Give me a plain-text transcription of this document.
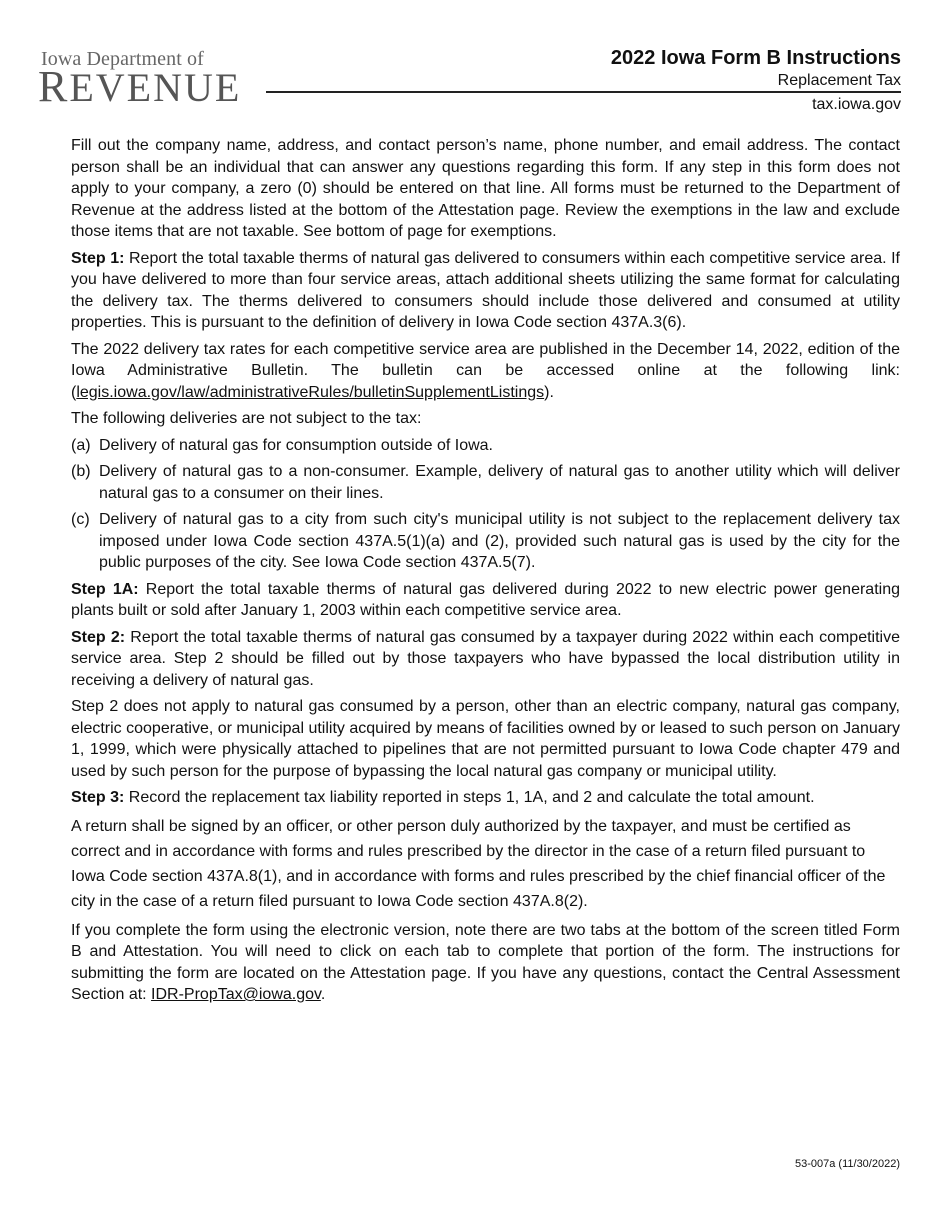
Iowa Department of
REVENUE
2022 Iowa Form B Instructions
Replacement Tax
tax.iowa.gov

Fill out the company name, address, and contact person’s name, phone number, and email address. The contact person shall be an individual that can answer any questions regarding this form. If any step in this form does not apply to your company, a zero (0) should be entered on that line. All forms must be returned to the Department of Revenue at the address listed at the bottom of the Attestation page. Review the exemptions in the law and exclude those items that are not taxable. See bottom of page for exemptions.

Step 1: Report the total taxable therms of natural gas delivered to consumers within each competitive service area. If you have delivered to more than four service areas, attach additional sheets utilizing the same format for calculating the delivery tax. The therms delivered to consumers should include those delivered and consumed at utility properties. This is pursuant to the definition of delivery in Iowa Code section 437A.3(6).

The 2022 delivery tax rates for each competitive service area are published in the December 14, 2022, edition of the Iowa Administrative Bulletin. The bulletin can be accessed online at the following link: (legis.iowa.gov/law/administrativeRules/bulletinSupplementListings).

The following deliveries are not subject to the tax:

(a) Delivery of natural gas for consumption outside of Iowa.
(b) Delivery of natural gas to a non-consumer. Example, delivery of natural gas to another utility which will deliver natural gas to a consumer on their lines.
(c) Delivery of natural gas to a city from such city's municipal utility is not subject to the replacement delivery tax imposed under Iowa Code section 437A.5(1)(a) and (2), provided such natural gas is used by the city for the public purposes of the city. See Iowa Code section 437A.5(7).

Step 1A: Report the total taxable therms of natural gas delivered during 2022 to new electric power generating plants built or sold after January 1, 2003 within each competitive service area.

Step 2: Report the total taxable therms of natural gas consumed by a taxpayer during 2022 within each competitive service area. Step 2 should be filled out by those taxpayers who have bypassed the local distribution utility in receiving a delivery of natural gas.

Step 2 does not apply to natural gas consumed by a person, other than an electric company, natural gas company, electric cooperative, or municipal utility acquired by means of facilities owned by or leased to such person on January 1, 1999, which were physically attached to pipelines that are not permitted pursuant to Iowa Code chapter 479 and used by such person for the purpose of bypassing the local natural gas company or municipal utility.

Step 3: Record the replacement tax liability reported in steps 1, 1A, and 2 and calculate the total amount.

A return shall be signed by an officer, or other person duly authorized by the taxpayer, and must be certified as correct and in accordance with forms and rules prescribed by the director in the case of a return filed pursuant to Iowa Code section 437A.8(1), and in accordance with forms and rules prescribed by the chief financial officer of the city in the case of a return filed pursuant to Iowa Code section 437A.8(2).

If you complete the form using the electronic version, note there are two tabs at the bottom of the screen titled Form B and Attestation. You will need to click on each tab to complete that portion of the form. The instructions for submitting the form are located on the Attestation page. If you have any questions, contact the Central Assessment Section at: IDR-PropTax@iowa.gov.

53-007a (11/30/2022)
